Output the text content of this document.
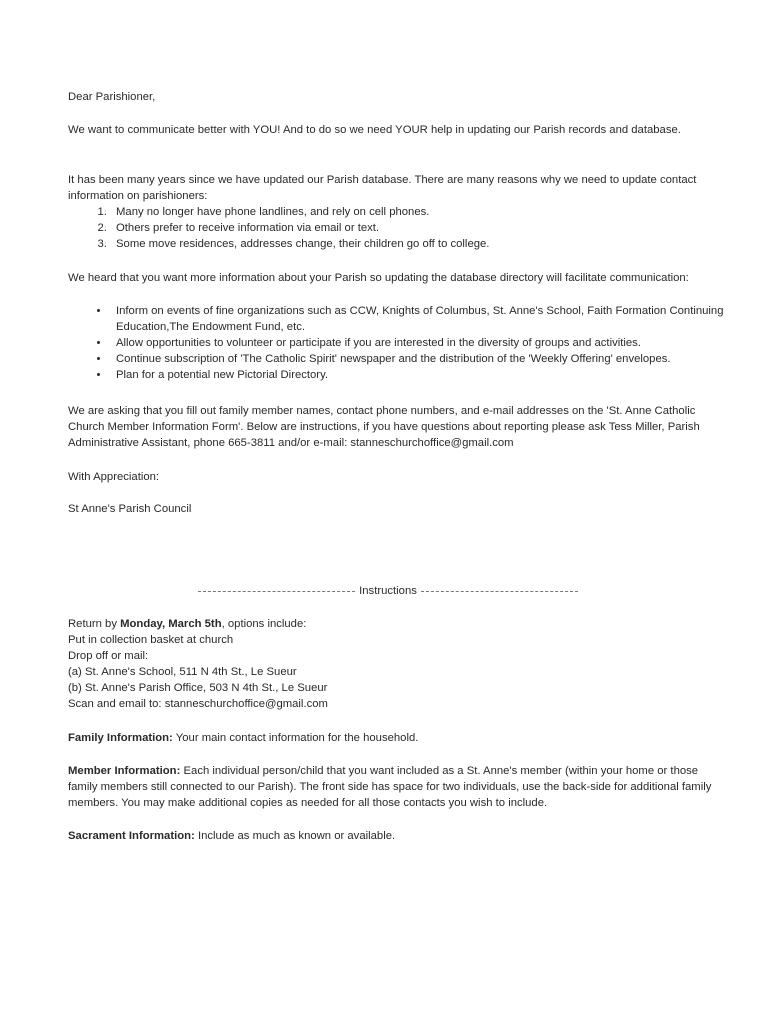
Dear Parishioner,

We want to communicate better with YOU! And to do so we need YOUR help in updating our Parish records and database.

It has been many years since we have updated our Parish database. There are many reasons why we need to update contact information on parishioners:

1. Many no longer have phone landlines, and rely on cell phones.
2. Others prefer to receive information via email or text.
3. Some move residences, addresses change, their children go off to college.

We heard that you want more information about your Parish so updating the database directory will facilitate communication:

• Inform on events of fine organizations such as CCW, Knights of Columbus, St. Anne's School, Faith Formation Continuing Education,The Endowment Fund, etc.
• Allow opportunities to volunteer or participate if you are interested in the diversity of groups and activities.
• Continue subscription of 'The Catholic Spirit' newspaper and the distribution of the 'Weekly Offering' envelopes.
• Plan for a potential new Pictorial Directory.

We are asking that you fill out family member names, contact phone numbers, and e-mail addresses on the 'St. Anne Catholic Church Member Information Form'. Below are instructions, if you have questions about reporting please ask Tess Miller, Parish Administrative Assistant, phone 665-3811 and/or e-mail: stanneschurchoffice@gmail.com

With Appreciation:

St Anne's Parish Council

Instructions

Return by Monday, March 5th, options include:

Put in collection basket at church

Drop off or mail:

(a) St. Anne's School, 511 N 4th St., Le Sueur

(b) St. Anne's Parish Office, 503 N 4th St., Le Sueur

Scan and email to: stanneschurchoffice@gmail.com

Family Information: Your main contact information for the household.

Member Information: Each individual person/child that you want included as a St. Anne's member (within your home or those family members still connected to our Parish). The front side has space for two individuals, use the back-side for additional family members. You may make additional copies as needed for all those contacts you wish to include.

Sacrament Information: Include as much as known or available.
